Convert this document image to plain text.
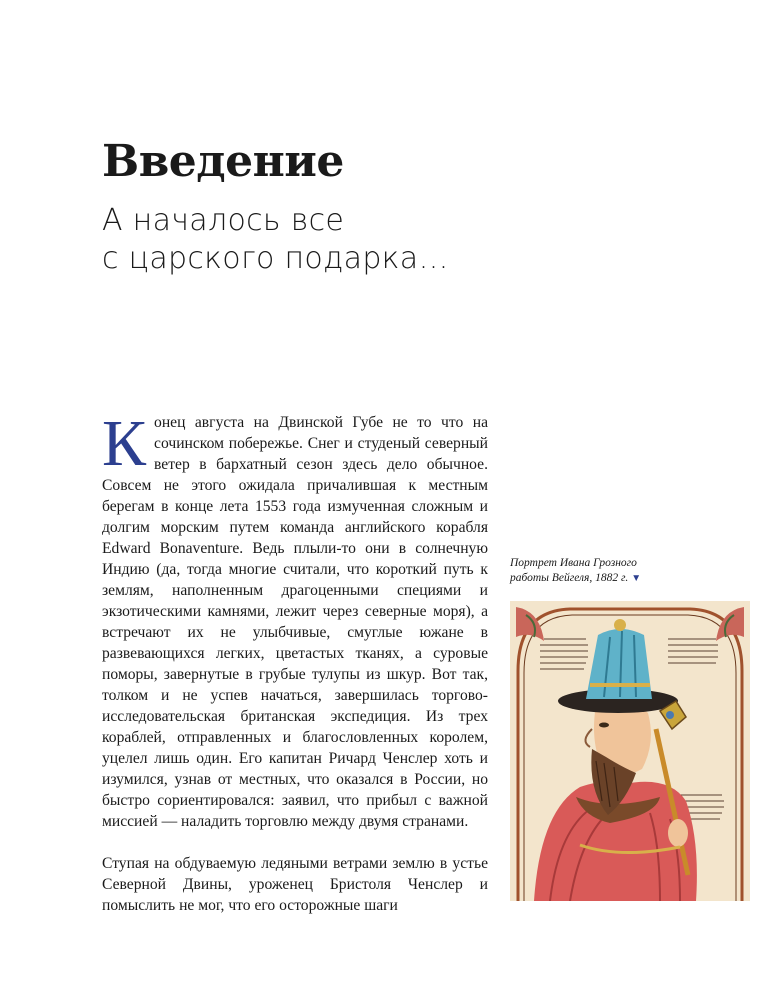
Введение
А началось все
с царского подарка…

Конец августа на Двинской Губе не то что на сочинском побережье. Снег и студеный северный ветер в бархатный сезон здесь дело обычное. Совсем не этого ожидала причалившая к местным берегам в конце лета 1553 года измученная сложным и долгим морским путем команда английского корабля Edward Bonaventure. Ведь плыли-то они в солнечную Индию (да, тогда многие считали, что короткий путь к землям, наполненным драгоценными специями и экзотическими камнями, лежит через северные моря), а встречают их не улыбчивые, смуглые южане в развевающихся легких, цветастых тканях, а суровые поморы, завернутые в грубые тулупы из шкур. Вот так, толком и не успев начаться, завершилась торгово-исследовательская британская экспедиция. Из трех кораблей, отправленных и благословленных королем, уцелел лишь один. Его капитан Ричард Ченслер хоть и изумился, узнав от местных, что оказался в России, но быстро сориентировался: заявил, что прибыл с важной миссией — наладить торговлю между двумя странами.

Ступая на обдуваемую ледяными ветрами землю в устье Северной Двины, уроженец Бристоля Ченслер и помыслить не мог, что его осторожные шаги

Портрет Ивана Грозного работы Вейгеля, 1882 г. ▼
